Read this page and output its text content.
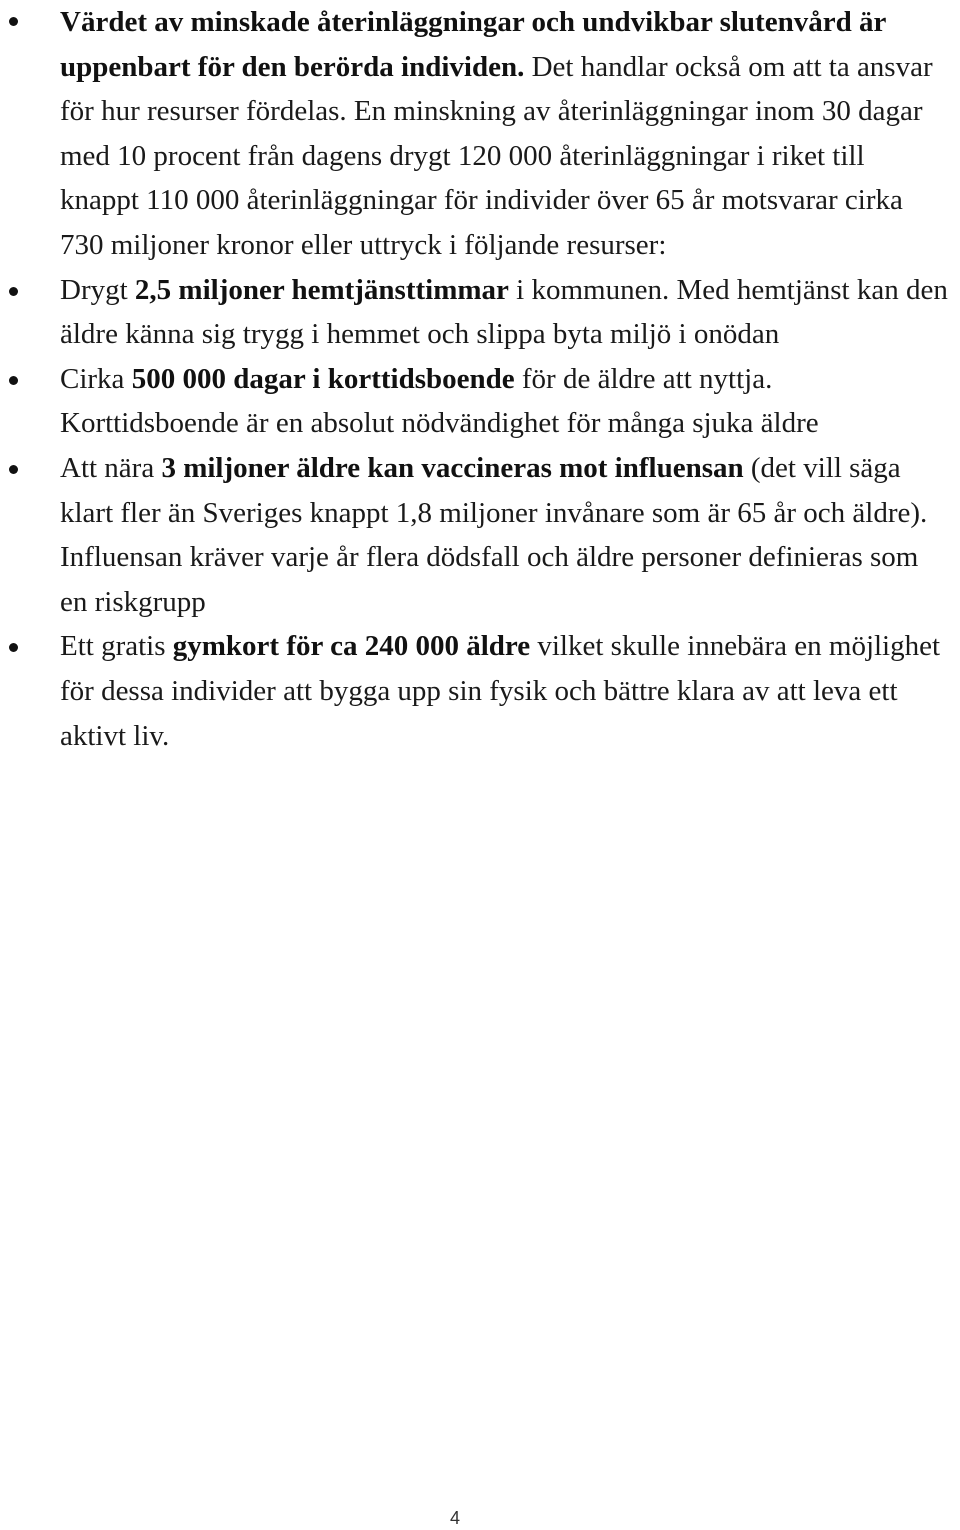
Värdet av minskade återinläggningar och undvikbar slutenvård är uppenbart för den berörda individen. Det handlar också om att ta ansvar för hur resurser fördelas. En minskning av återinläggningar inom 30 dagar med 10 procent från dagens drygt 120 000 återinläggningar i riket till knappt 110 000 återinläggningar för individer över 65 år motsvarar cirka 730 miljoner kronor eller uttryck i följande resurser:
Drygt 2,5 miljoner hemtjänsttimmar i kommunen. Med hemtjänst kan den äldre känna sig trygg i hemmet och slippa byta miljö i onödan
Cirka 500 000 dagar i korttidsboende för de äldre att nyttja. Korttidsboende är en absolut nödvändighet för många sjuka äldre
Att nära 3 miljoner äldre kan vaccineras mot influensan (det vill säga klart fler än Sveriges knappt 1,8 miljoner invånare som är 65 år och äldre). Influensan kräver varje år flera dödsfall och äldre personer definieras som en riskgrupp
Ett gratis gymkort för ca 240 000 äldre vilket skulle innebära en möjlighet för dessa individer att bygga upp sin fysik och bättre klara av att leva ett aktivt liv.
4
